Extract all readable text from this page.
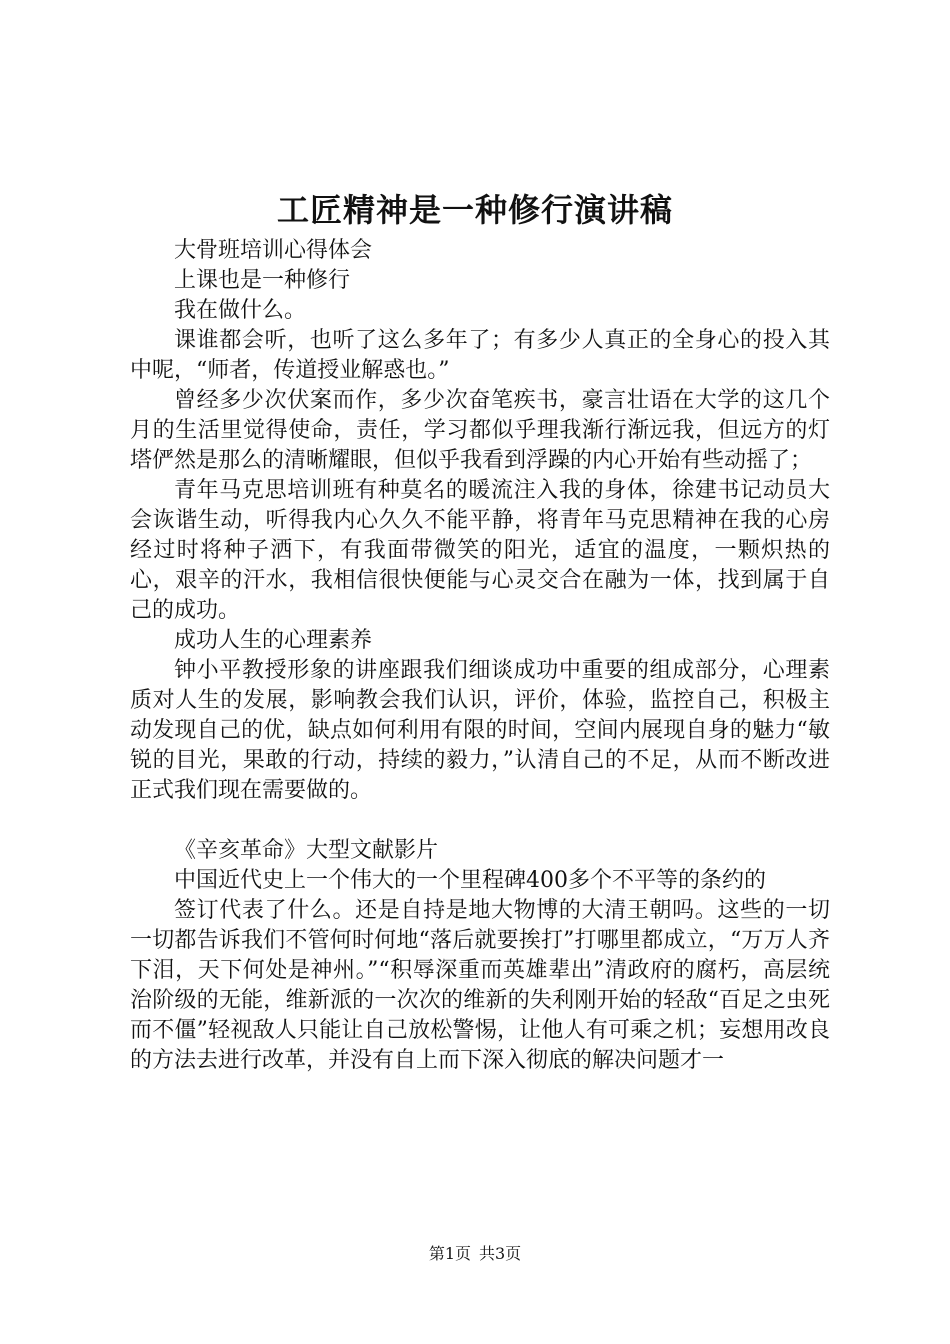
工匠精神是一种修行演讲稿

大骨班培训心得体会

上课也是一种修行

我在做什么。

课谁都会听，也听了这么多年了；有多少人真正的全身心的投入其中呢，“师者，传道授业解惑也。”

曾经多少次伏案而作，多少次奋笔疾书，豪言壮语在大学的这几个月的生活里觉得使命，责任，学习都似乎理我渐行渐远我，但远方的灯塔俨然是那么的清晰耀眼，但似乎我看到浮躁的内心开始有些动摇了；

青年马克思培训班有种莫名的暖流注入我的身体，徐建书记动员大会诙谐生动，听得我内心久久不能平静，将青年马克思精神在我的心房经过时将种子洒下，有我面带微笑的阳光，适宜的温度，一颗炽热的心，艰辛的汗水，我相信很快便能与心灵交合在融为一体，找到属于自己的成功。

成功人生的心理素养

钟小平教授形象的讲座跟我们细谈成功中重要的组成部分，心理素质对人生的发展，影响教会我们认识，评价，体验，监控自己，积极主动发现自己的优，缺点如何利用有限的时间，空间内展现自身的魅力“敏锐的目光，果敢的行动，持续的毅力，”认清自己的不足，从而不断改进正式我们现在需要做的。

《辛亥革命》大型文献影片

中国近代史上一个伟大的一个里程碑400多个不平等的条约的

签订代表了什么。还是自持是地大物博的大清王朝吗。这些的一切一切都告诉我们不管何时何地“落后就要挨打”打哪里都成立，“万万人齐下泪，天下何处是神州。”“积辱深重而英雄辈出”清政府的腐朽，高层统治阶级的无能，维新派的一次次的维新的失利刚开始的轻敌“百足之虫死而不僵”轻视敌人只能让自己放松警惕，让他人有可乘之机；妄想用改良的方法去进行改革，并没有自上而下深入彻底的解决问题才一

第1页 共3页
